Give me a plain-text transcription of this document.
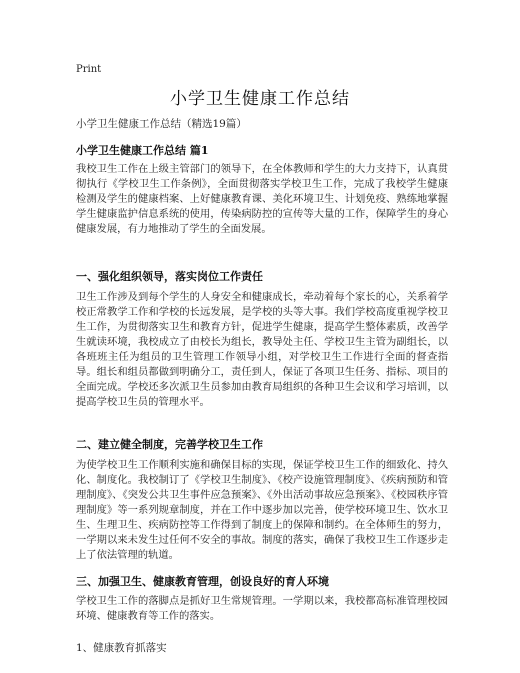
Print
小学卫生健康工作总结
小学卫生健康工作总结（精选19篇）
小学卫生健康工作总结 篇1
我校卫生工作在上级主管部门的领导下，在全体教师和学生的大力支持下，认真贯彻执行《学校卫生工作条例》，全面贯彻落实学校卫生工作，完成了我校学生健康检测及学生的健康档案、上好健康教育课、美化环境卫生、计划免疫、熟练地掌握学生健康监护信息系统的使用，传染病防控的宣传等大量的工作，保障学生的身心健康发展，有力地推动了学生的全面发展。
一、强化组织领导，落实岗位工作责任
卫生工作涉及到每个学生的人身安全和健康成长，牵动着每个家长的心，关系着学校正常教学工作和学校的长远发展，是学校的头等大事。我们学校高度重视学校卫生工作，为贯彻落实卫生和教育方针，促进学生健康，提高学生整体素质，改善学生就读环境，我校成立了由校长为组长，教导处主任、学校卫生主管为副组长，以各班班主任为组员的卫生管理工作领导小组，对学校卫生工作进行全面的督查指导。组长和组员都做到明确分工，责任到人，保证了各项卫生任务、指标、项目的全面完成。学校还多次派卫生员参加由教育局组织的各种卫生会议和学习培训，以提高学校卫生员的管理水平。
二、建立健全制度，完善学校卫生工作
为使学校卫生工作顺利实施和确保目标的实现，保证学校卫生工作的细致化、持久化、制度化。我校制订了《学校卫生制度》、《校产设施管理制度》、《疾病预防和管理制度》、《突发公共卫生事件应急预案》、《外出活动事故应急预案》、《校园秩序管理制度》等一系列规章制度，并在工作中逐步加以完善，使学校环境卫生、饮水卫生、生理卫生、疾病防控等工作得到了制度上的保障和制约。在全体师生的努力，一学期以来未发生过任何不安全的事故。制度的落实，确保了我校卫生工作逐步走上了依法管理的轨道。
三、加强卫生、健康教育管理，创设良好的育人环境
学校卫生工作的落脚点是抓好卫生常规管理。一学期以来，我校都高标准管理校园环境、健康教育等工作的落实。
1、健康教育抓落实
